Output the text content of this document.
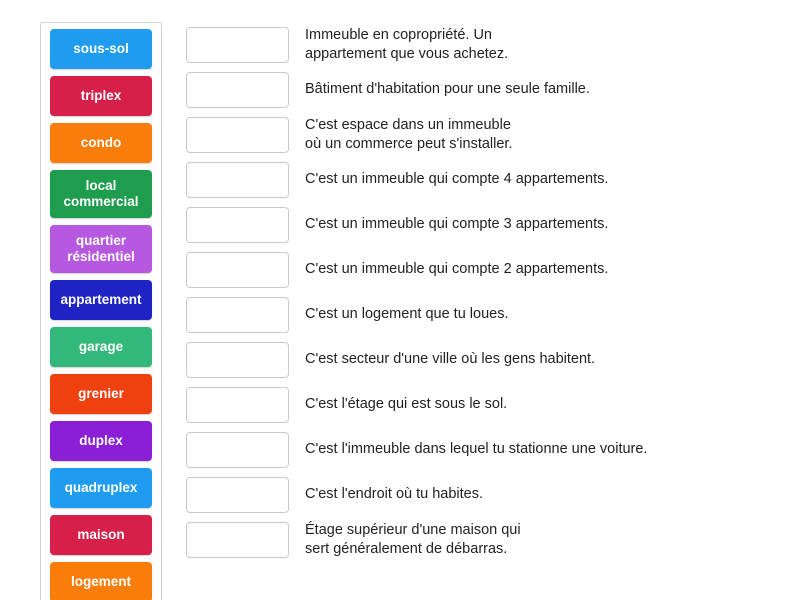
sous-sol
triplex
condo
local commercial
quartier résidentiel
appartement
garage
grenier
duplex
quadruplex
maison
logement
Immeuble en copropriété. Un
appartement que vous achetez.
Bâtiment d'habitation pour une seule famille.
C'est espace dans un immeuble
où un commerce peut s'installer.
C'est un immeuble qui compte 4 appartements.
C'est un immeuble qui compte 3 appartements.
C'est un immeuble qui compte 2 appartements.
C'est un logement que tu loues.
C'est secteur d'une ville où les gens habitent.
C'est l'étage qui est sous le sol.
C'est l'immeuble dans lequel tu stationne une voiture.
C'est l'endroit où tu habites.
Étage supérieur d'une maison qui
sert généralement de débarras.
